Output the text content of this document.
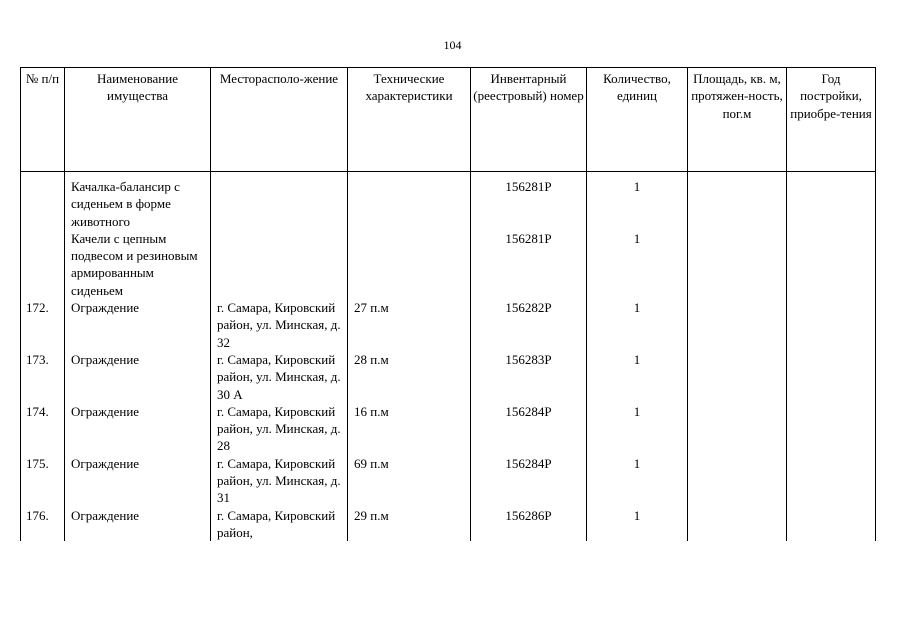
104
№ п/п	Наименование имущества	Месторасполо-жение	Технические характеристики	Инвентарный (реестровый) номер	Количество, единиц	Площадь, кв. м, протяжен-ность, пог.м	Год постройки, приобре-тения
	Качалка-балансир с сиденьем в форме животного			156281Р	1		
	Качели с цепным подвесом и резиновым армированным сиденьем			156281Р	1		
172.	Ограждение	г. Самара, Кировский район, ул. Минская, д. 32	27 п.м	156282Р	1		
173.	Ограждение	г. Самара, Кировский район, ул. Минская, д. 30 А	28 п.м	156283Р	1		
174.	Ограждение	г. Самара, Кировский район, ул. Минская, д. 28	16 п.м	156284Р	1		
175.	Ограждение	г. Самара, Кировский район, ул. Минская, д. 31	69 п.м	156284Р	1		
176.	Ограждение	г. Самара, Кировский район,	29 п.м	156286Р	1		
